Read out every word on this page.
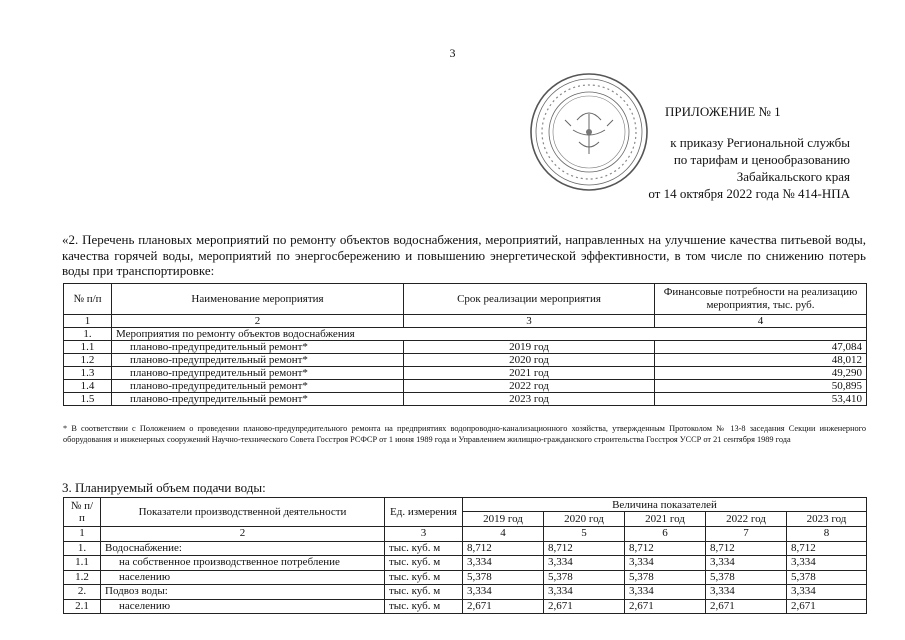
3
ПРИЛОЖЕНИЕ № 1
к приказу Региональной службы
по тарифам и ценообразованию
Забайкальского края
от 14 октября 2022 года № 414-НПА
«2. Перечень плановых мероприятий по ремонту объектов водоснабжения, мероприятий, направленных на улучшение качества питьевой воды, качества горячей воды, мероприятий по энергосбережению и повышению энергетической эффективности, в том числе по снижению потерь воды при транспортировке:
№ п/п	Наименование мероприятия	Срок реализации мероприятия	Финансовые потребности на реализацию мероприятия, тыс. руб.
1	2	3	4
1.	Мероприятия по ремонту объектов водоснабжения		
1.1	планово-предупредительный ремонт*	2019 год	47,084
1.2	планово-предупредительный ремонт*	2020 год	48,012
1.3	планово-предупредительный ремонт*	2021 год	49,290
1.4	планово-предупредительный ремонт*	2022 год	50,895
1.5	планово-предупредительный ремонт*	2023 год	53,410
* В соответствии с Положением о проведении планово-предупредительного ремонта на предприятиях водопроводно-канализационного хозяйства, утвержденным Протоколом № 13-8 заседания Секции инженерного оборудования и инженерных сооружений Научно-технического Совета Госстроя РСФСР от 1 июня 1989 года и Управлением жилищно-гражданского строительства Госстроя УССР от 21 сентября 1989 года
3. Планируемый объем подачи воды:
№ п/п	Показатели производственной деятельности	Ед. измерения	Величина показателей				
			2019 год	2020 год	2021 год	2022 год	2023 год
1	2	3	4	5	6	7	8
1.	Водоснабжение:	тыс. куб. м	8,712	8,712	8,712	8,712	8,712
1.1	на собственное производственное потребление	тыс. куб. м	3,334	3,334	3,334	3,334	3,334
1.2	населению	тыс. куб. м	5,378	5,378	5,378	5,378	5,378
2.	Подвоз воды:	тыс. куб. м	3,334	3,334	3,334	3,334	3,334
2.1	населению	тыс. куб. м	2,671	2,671	2,671	2,671	2,671
